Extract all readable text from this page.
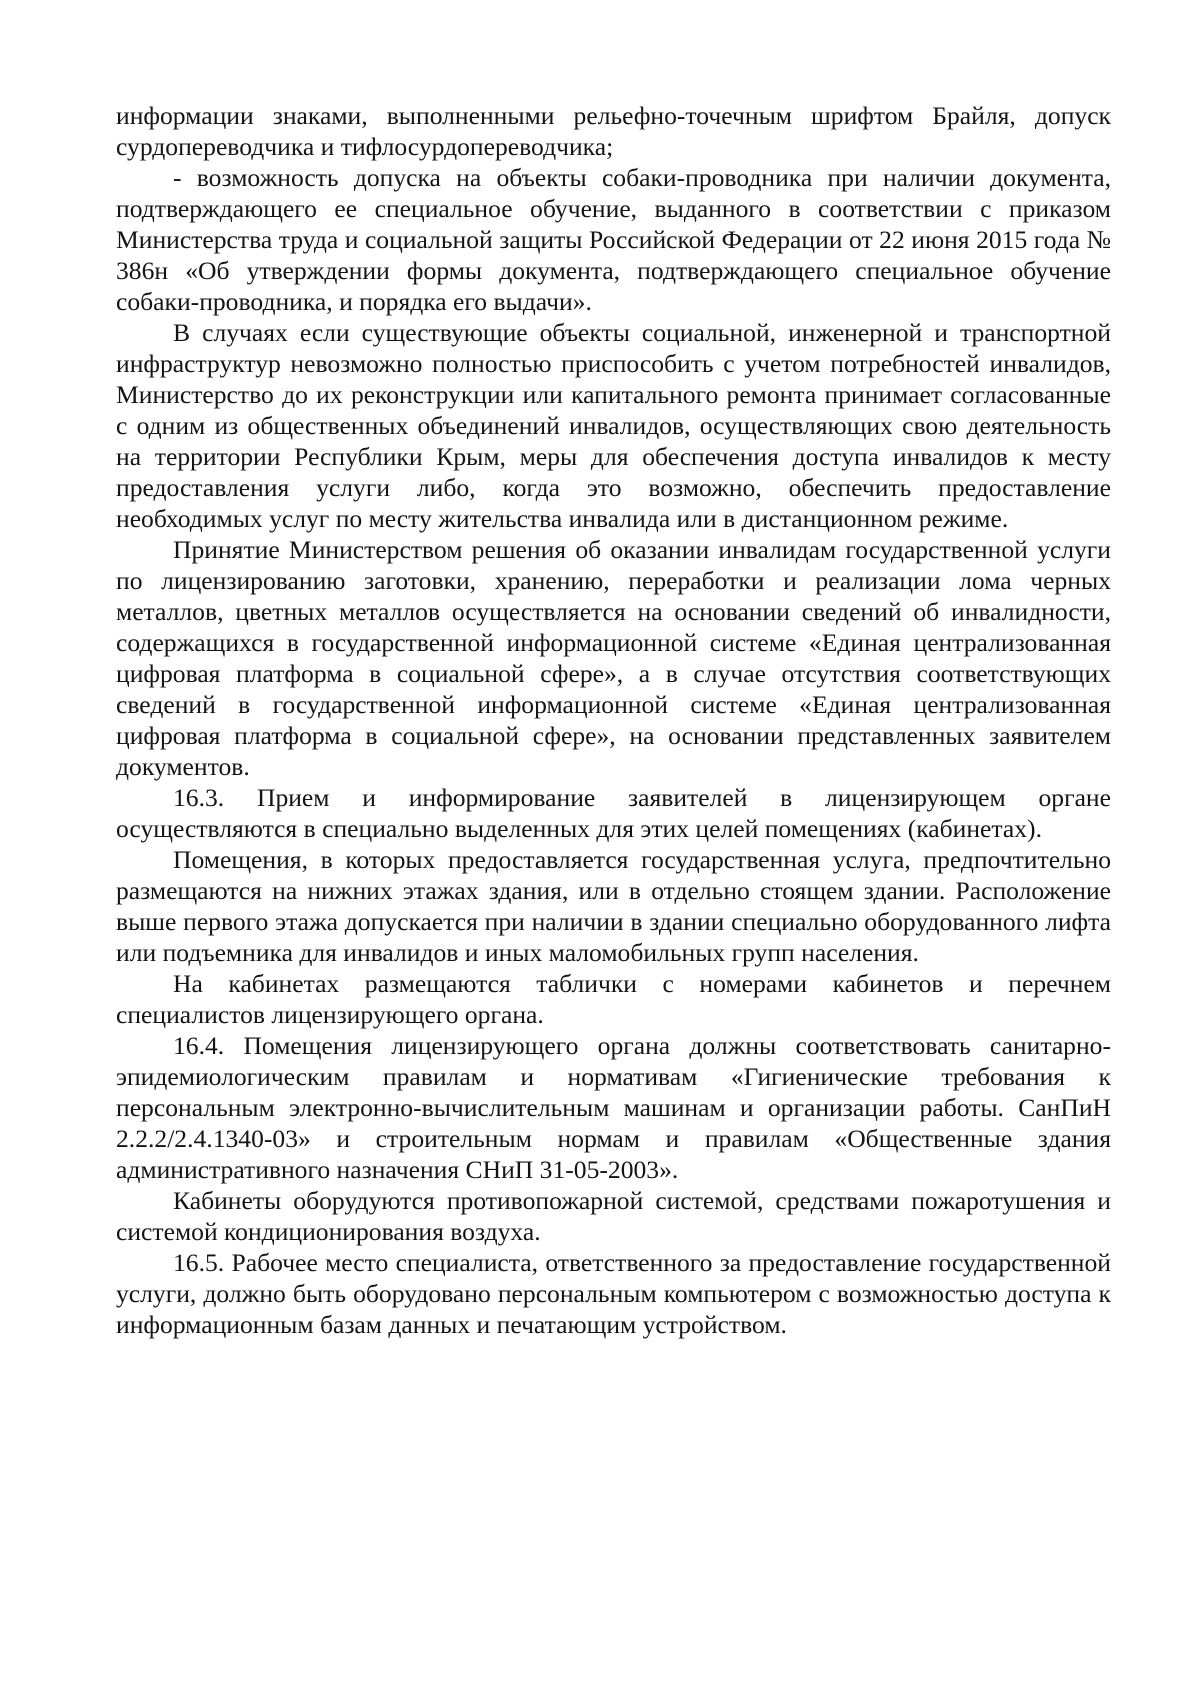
информации знаками, выполненными рельефно-точечным шрифтом Брайля, допуск сурдопереводчика и тифлосурдопереводчика;

- возможность допуска на объекты собаки-проводника при наличии документа, подтверждающего ее специальное обучение, выданного в соответствии с приказом Министерства труда и социальной защиты Российской Федерации от 22 июня 2015 года № 386н «Об утверждении формы документа, подтверждающего специальное обучение собаки-проводника, и порядка его выдачи».

В случаях если существующие объекты социальной, инженерной и транспортной инфраструктур невозможно полностью приспособить с учетом потребностей инвалидов, Министерство до их реконструкции или капитального ремонта принимает согласованные с одним из общественных объединений инвалидов, осуществляющих свою деятельность на территории Республики Крым, меры для обеспечения доступа инвалидов к месту предоставления услуги либо, когда это возможно, обеспечить предоставление необходимых услуг по месту жительства инвалида или в дистанционном режиме.

Принятие Министерством решения об оказании инвалидам государственной услуги по лицензированию заготовки, хранению, переработки и реализации лома черных металлов, цветных металлов осуществляется на основании сведений об инвалидности, содержащихся в государственной информационной системе «Единая централизованная цифровая платформа в социальной сфере», а в случае отсутствия соответствующих сведений в государственной информационной системе «Единая централизованная цифровая платформа в социальной сфере», на основании представленных заявителем документов.

16.3. Прием и информирование заявителей в лицензирующем органе осуществляются в специально выделенных для этих целей помещениях (кабинетах).

Помещения, в которых предоставляется государственная услуга, предпочтительно размещаются на нижних этажах здания, или в отдельно стоящем здании. Расположение выше первого этажа допускается при наличии в здании специально оборудованного лифта или подъемника для инвалидов и иных маломобильных групп населения.

На кабинетах размещаются таблички с номерами кабинетов и перечнем специалистов лицензирующего органа.

16.4. Помещения лицензирующего органа должны соответствовать санитарно-эпидемиологическим правилам и нормативам «Гигиенические требования к персональным электронно-вычислительным машинам и организации работы. СанПиН 2.2.2/2.4.1340-03» и строительным нормам и правилам «Общественные здания административного назначения СНиП 31-05-2003».

Кабинеты оборудуются противопожарной системой, средствами пожаротушения и системой кондиционирования воздуха.

16.5. Рабочее место специалиста, ответственного за предоставление государственной услуги, должно быть оборудовано персональным компьютером с возможностью доступа к информационным базам данных и печатающим устройством.
